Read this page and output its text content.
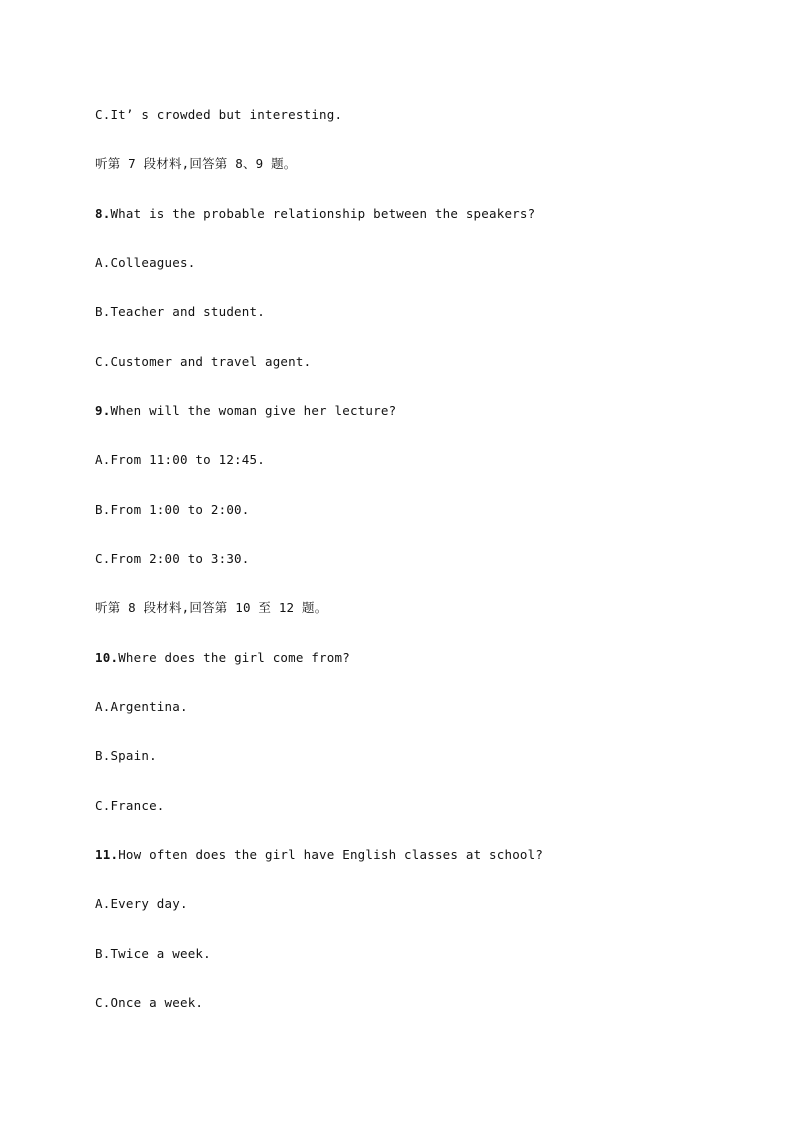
C.It’ s crowded but interesting.
听第 7 段材料,回答第 8、9 题。
8.What is the probable relationship between the speakers?
A.Colleagues.
B.Teacher and student.
C.Customer and travel agent.
9.When will the woman give her lecture?
A.From 11:00 to 12:45.
B.From 1:00 to 2:00.
C.From 2:00 to 3:30.
听第 8 段材料,回答第 10 至 12 题。
10.Where does the girl come from?
A.Argentina.
B.Spain.
C.France.
11.How often does the girl have English classes at school?
A.Every day.
B.Twice a week.
C.Once a week.
